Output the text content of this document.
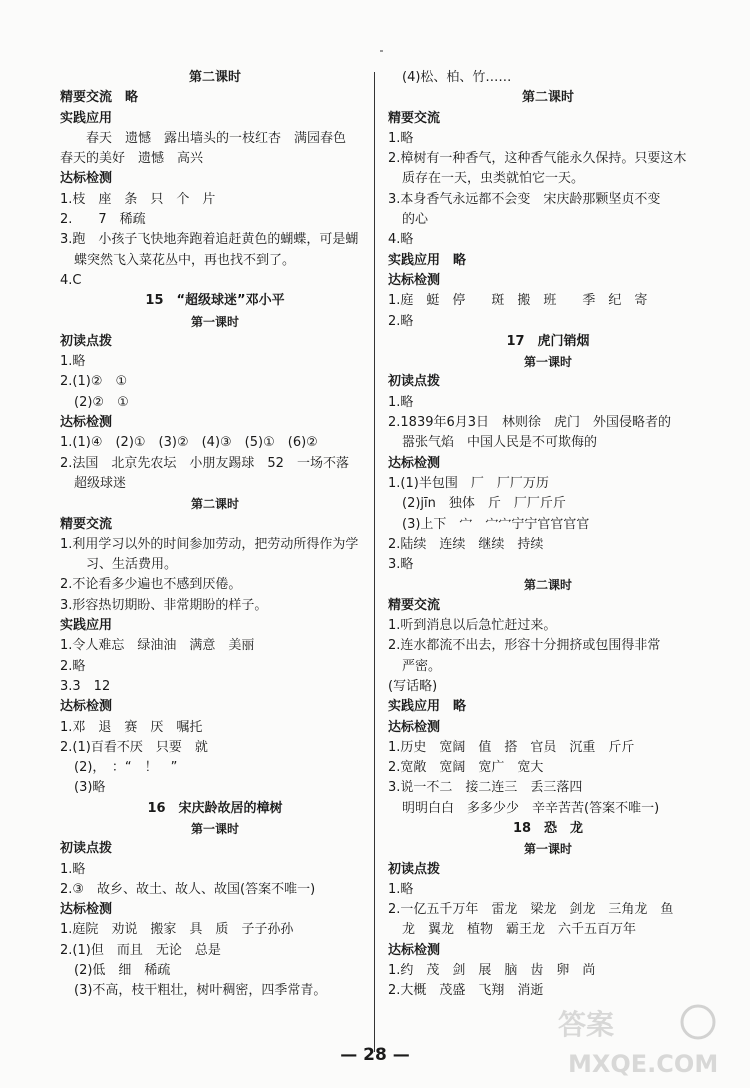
第二课时
精要交流　略
实践应用
　　春天　遗憾　露出墙头的一枝红杏　满园春色
春天的美好　遗憾　高兴
达标检测
1.枝　座　条　只　个　片
2.　　7　稀疏
3.跑　小孩子飞快地奔跑着追赶黄色的蝴蝶，可是蝴
蝶突然飞入菜花丛中，再也找不到了。
4.C
15　“超级球迷”邓小平
第一课时
初读点拨
1.略
2.(1)②　①
(2)②　①
达标检测
1.(1)④　(2)①　(3)②　(4)③　(5)①　(6)②
2.法国　北京先农坛　小朋友踢球　52　一场不落
超级球迷
第二课时
精要交流
1.利用学习以外的时间参加劳动，把劳动所得作为学
习、生活费用。
2.不论看多少遍也不感到厌倦。
3.形容热切期盼、非常期盼的样子。
实践应用
1.令人难忘　绿油油　满意　美丽
2.略
3.3　12
达标检测
1.邓　退　赛　厌　嘱托
2.(1)百看不厌　只要　就
(2)，　：“　！　”
(3)略
16　宋庆龄故居的樟树
第一课时
初读点拨
1.略
2.③　故乡、故土、故人、故国(答案不唯一)
达标检测
1.庭院　劝说　搬家　具　质　子子孙孙
2.(1)但　而且　无论　总是
(2)低　细　稀疏
(3)不高，枝干粗壮，树叶稠密，四季常青。
(4)松、柏、竹……
第二课时
精要交流
1.略
2.樟树有一种香气，这种香气能永久保持。只要这木
质存在一天，虫类就怕它一天。
3.本身香气永远都不会变　宋庆龄那颗坚贞不变
的心
4.略
实践应用　略
达标检测
1.庭　蜓　停　　斑　搬　班　　季　纪　寄
2.略
17　虎门销烟
第一课时
初读点拨
1.略
2.1839年6月3日　林则徐　虎门　外国侵略者的
嚣张气焰　中国人民是不可欺侮的
达标检测
1.(1)半包围　厂　厂厂万历
(2)jīn　独体　斤　厂厂斤斤
(3)上下　宀　宀宀宁宁官官官官
2.陆续　连续　继续　持续
3.略
第二课时
精要交流
1.听到消息以后急忙赶过来。
2.连水都流不出去，形容十分拥挤或包围得非常
严密。
(写话略)
实践应用　略
达标检测
1.历史　宽阔　值　搭　官员　沉重　斤斤
2.宽敞　宽阔　宽广　宽大
3.说一不二　接二连三　丢三落四
明明白白　多多少少　辛辛苦苦(答案不唯一)
18　恐　龙
第一课时
初读点拨
1.略
2.一亿五千万年　雷龙　梁龙　剑龙　三角龙　鱼
龙　翼龙　植物　霸王龙　六千五百万年
达标检测
1.约　茂　剑　展　脑　齿　卵　尚
2.大概　茂盛　飞翔　消逝
— 28 —
答案
MXQE.COM
